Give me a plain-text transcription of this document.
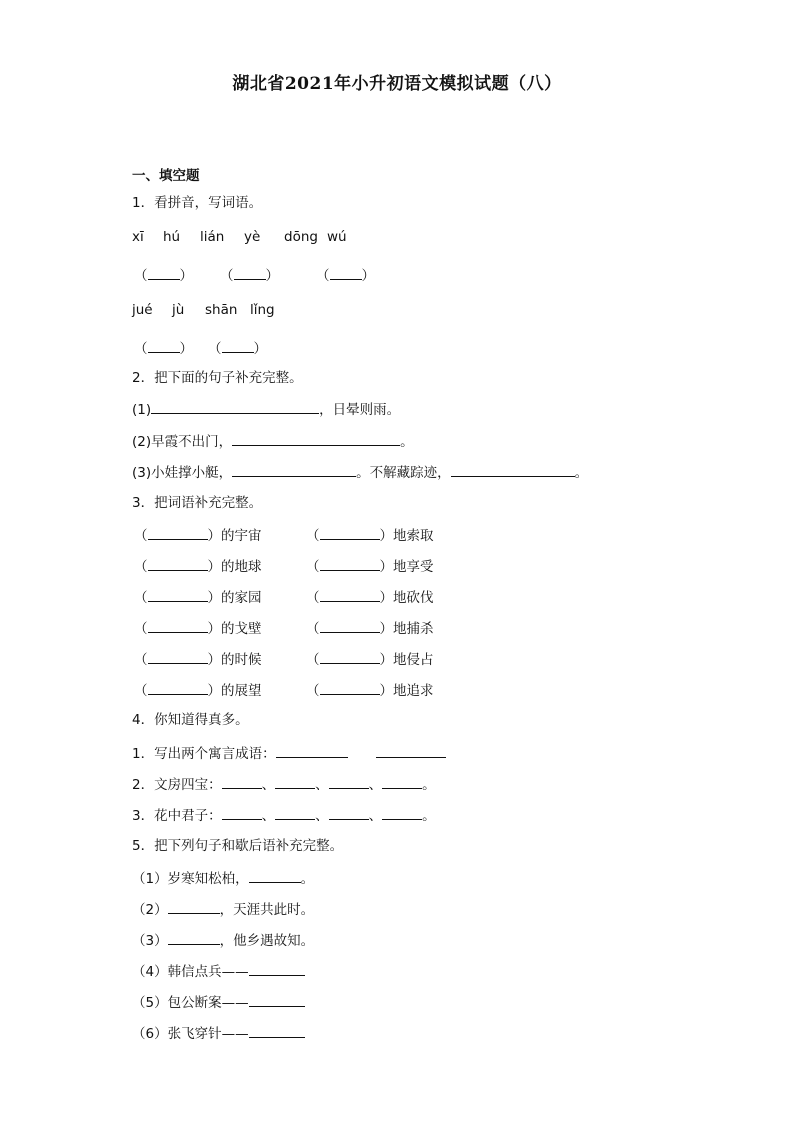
湖北省2021年小升初语文模拟试题（八）
一、填空题
1．看拼音，写词语。
xī hú lián yè dōng wú
（ ） （ ）	（ ）
jué jù shān lǐng
（ ） （ ）
2．把下面的句子补充完整。
(1)	，日晕则雨。
(2)早霞不出门，	。
(3)小娃撑小艇，	。不解藏踪迹，	。
3．把词语补充完整。
（	）的宇宙	（	）地索取
（	）的地球	（	）地享受
（	）的家园	（	）地砍伐
（	）的戈壁	（	）地捕杀
（	）的时候	（	）地侵占
（	）的展望	（	）地追求
4．你知道得真多。
1．写出两个寓言成语：
2．文房四宝：	、	、	、	。
3．花中君子：	、	、	、	。
5．把下列句子和歇后语补充完整。
（1）岁寒知松柏，	。
（2）	，天涯共此时。
（3）	，他乡遇故知。
（4）韩信点兵——
（5）包公断案——
（6）张飞穿针——
